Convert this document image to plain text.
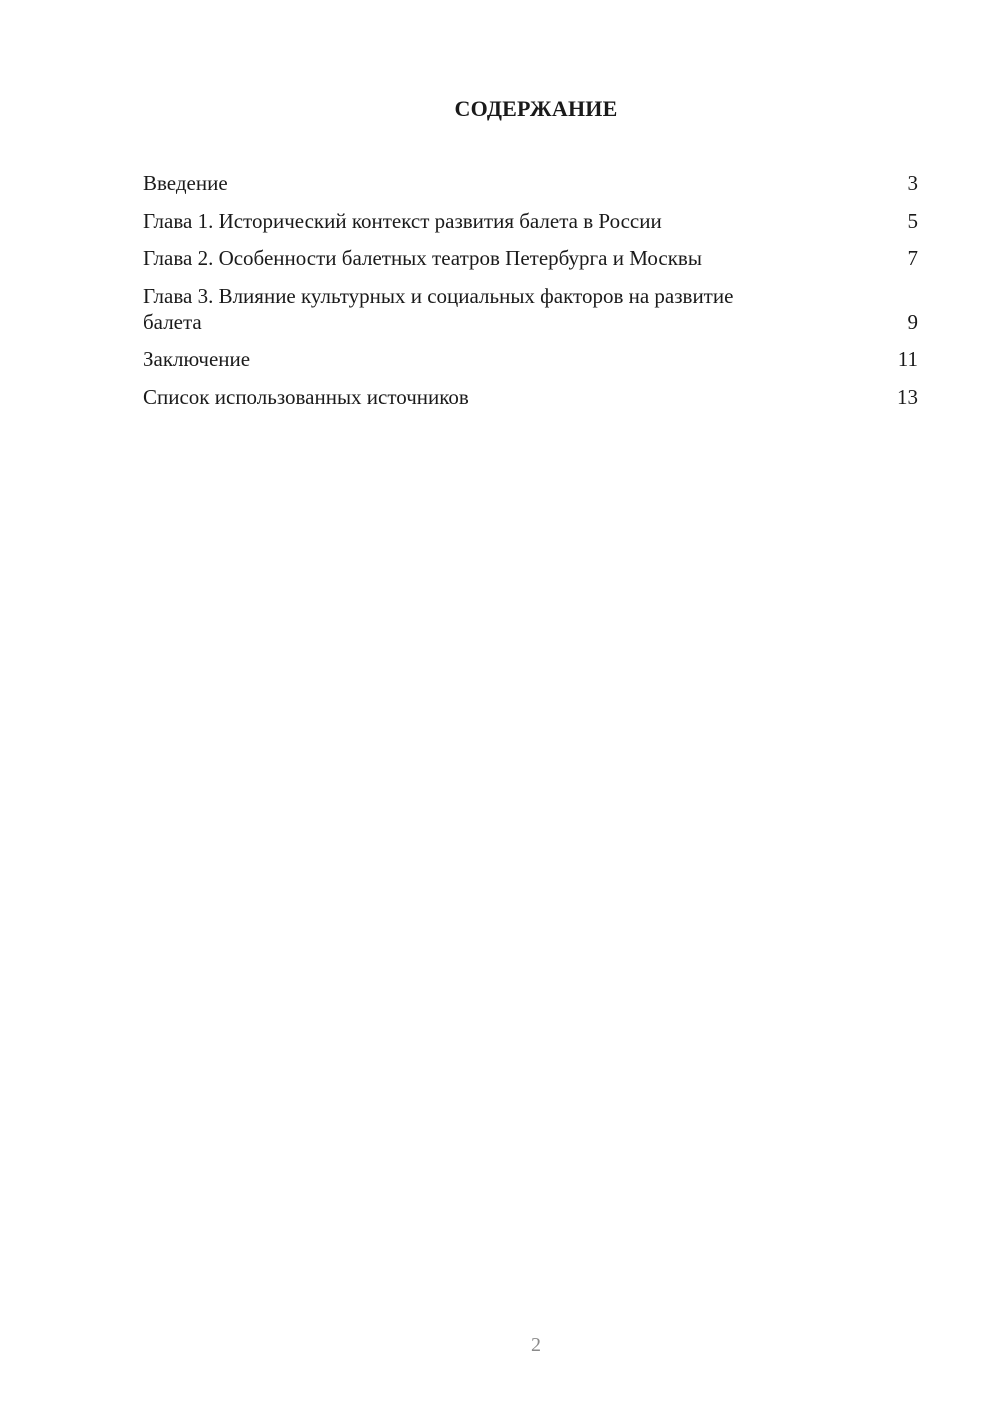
СОДЕРЖАНИЕ
Введение	3
Глава 1. Исторический контекст развития балета в России	5
Глава 2. Особенности балетных театров Петербурга и Москвы	7
Глава 3. Влияние культурных и социальных факторов на развитие балета	9
Заключение	11
Список использованных источников	13
2
